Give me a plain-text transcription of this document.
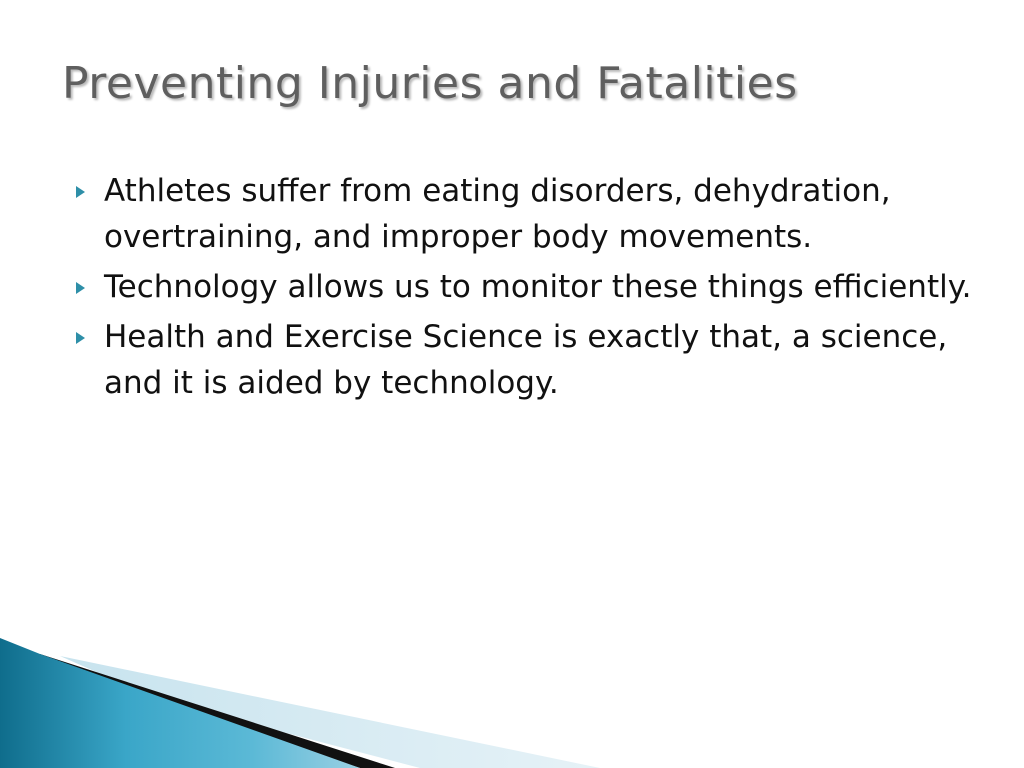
Preventing Injuries and Fatalities
Athletes suffer from eating disorders, dehydration, overtraining, and improper body movements.
Technology allows us to monitor these things efficiently.
Health and Exercise Science is exactly that, a science, and it is aided by technology.
